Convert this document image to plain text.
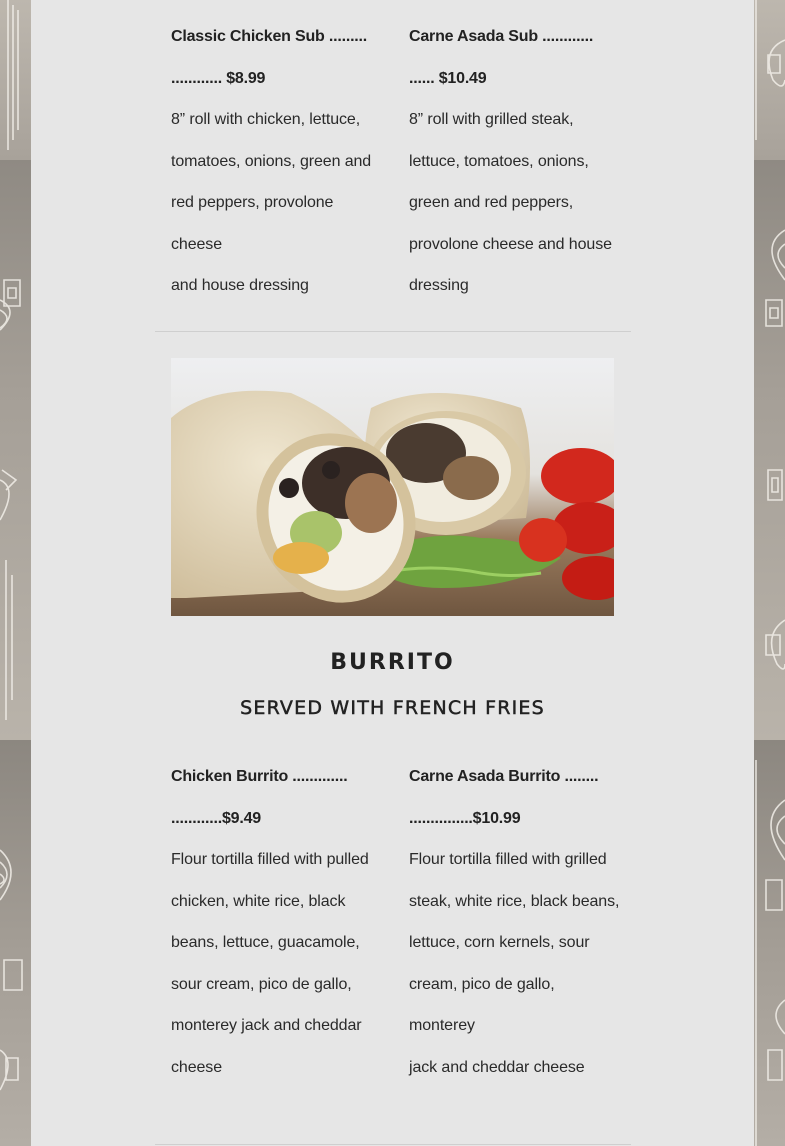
Classic Chicken Sub .........

............ $8.99

8” roll with chicken, lettuce,

tomatoes, onions, green and

red peppers, provolone cheese

and house dressing

Carne Asada Sub ............

...... $10.49

8” roll with grilled steak,

lettuce, tomatoes, onions,

green and red peppers,

provolone cheese and house

dressing

BURRITO
SERVED WITH FRENCH FRIES

Chicken Burrito .............

............$9.49

Flour tortilla filled with pulled

chicken, white rice, black

beans, lettuce, guacamole,

sour cream, pico de gallo,

monterey jack and cheddar

cheese

Carne Asada Burrito ........

...............$10.99

Flour tortilla filled with grilled

steak, white rice, black beans,

lettuce, corn kernels, sour

cream, pico de gallo, monterey

jack and cheddar cheese
